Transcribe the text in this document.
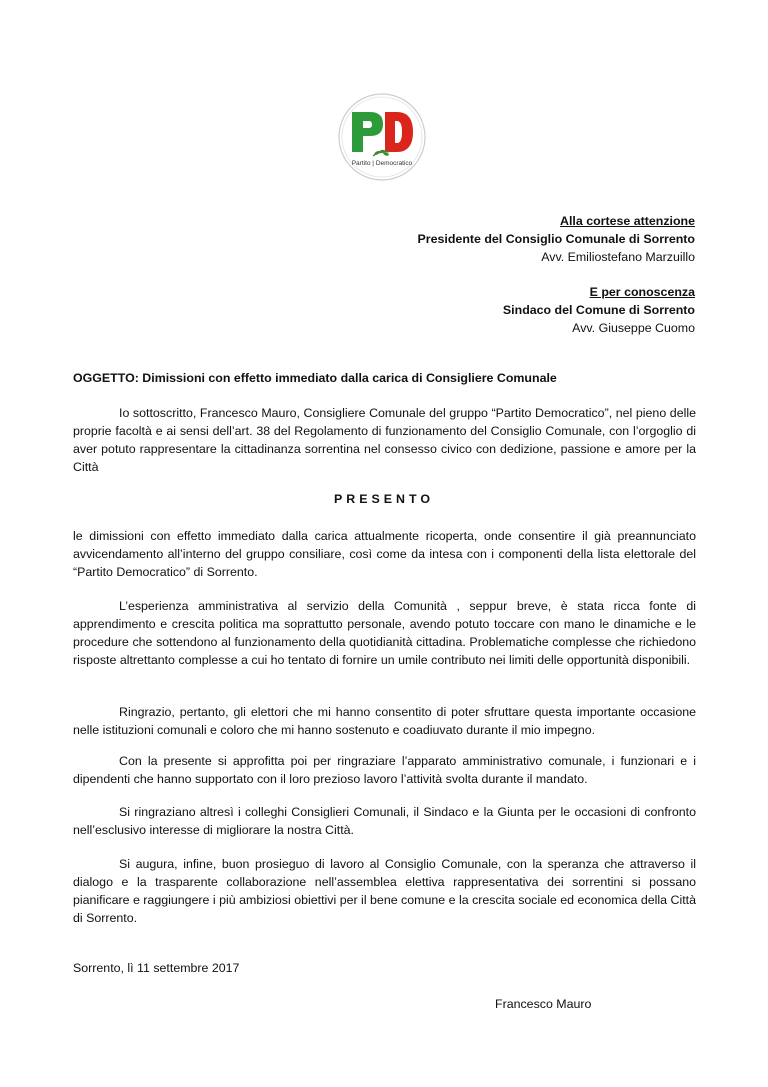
Partito | Democratico
Alla cortese attenzione
Presidente del Consiglio Comunale di Sorrento
Avv. Emiliostefano Marzuillo
E per conoscenza
Sindaco del Comune di Sorrento
Avv. Giuseppe Cuomo
OGGETTO: Dimissioni con effetto immediato dalla carica di Consigliere Comunale

Io sottoscritto, Francesco Mauro, Consigliere Comunale del gruppo “Partito Democratico”, nel pieno delle proprie facoltà e ai sensi dell’art. 38 del Regolamento di funzionamento del Consiglio Comunale, con l’orgoglio di aver potuto rappresentare la cittadinanza sorrentina nel consesso civico con dedizione, passione e amore per la Città

PRESENTO

le dimissioni con effetto immediato dalla carica attualmente ricoperta, onde consentire il già preannunciato avvicendamento all’interno del gruppo consiliare, così come da intesa con i componenti della lista elettorale del “Partito Democratico” di Sorrento.

L’esperienza amministrativa al servizio della Comunità , seppur breve, è stata ricca fonte di apprendimento e crescita politica ma soprattutto personale, avendo potuto toccare con mano le dinamiche e le procedure che sottendono al funzionamento della quotidianità cittadina. Problematiche complesse che richiedono risposte altrettanto complesse a cui ho tentato di fornire un umile contributo nei limiti delle opportunità disponibili.

Ringrazio, pertanto, gli elettori che mi hanno consentito di poter sfruttare questa importante occasione nelle istituzioni comunali e coloro che mi hanno sostenuto e coadiuvato durante il mio impegno.

Con la presente si approfitta poi per ringraziare l’apparato amministrativo comunale, i funzionari e i dipendenti che hanno supportato con il loro prezioso lavoro l’attività svolta durante il mandato.

Si ringraziano altresì i colleghi Consiglieri Comunali, il Sindaco e la Giunta per le occasioni di confronto nell’esclusivo interesse di migliorare la nostra Città.

Si augura, infine, buon prosieguo di lavoro al Consiglio Comunale, con la speranza che attraverso il dialogo e la trasparente collaborazione nell’assemblea elettiva rappresentativa dei sorrentini si possano pianificare e raggiungere i più ambiziosi obiettivi per il bene comune e la crescita sociale ed economica della Città di Sorrento.

Sorrento, lì 11 settembre 2017
Francesco Mauro
